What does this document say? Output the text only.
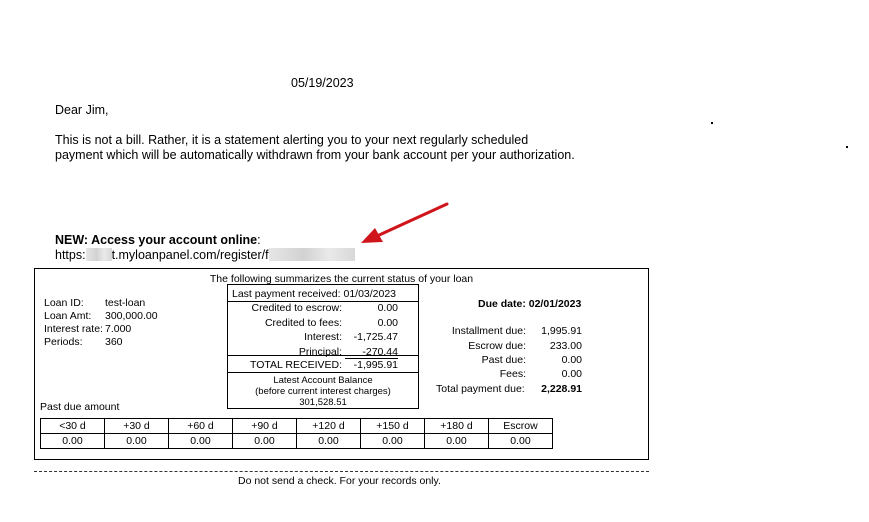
05/19/2023
Dear Jim,
This is not a bill. Rather, it is a statement alerting you to your next regularly scheduled
payment which will be automatically withdrawn from your bank account per your authorization.
NEW: Access your account online:
https: t.myloanpanel.com/register/f
The following summarizes the current status of your loan
Loan ID: test-loan
Loan Amt: 300,000.00
Interest rate: 7.000
Periods: 360
Last payment received: 01/03/2023
Credited to escrow:	0.00
Credited to fees:	0.00
Interest:	-1,725.47
Principal:	-270.44
TOTAL RECEIVED:	-1,995.91
Latest Account Balance
(before current interest charges)
301,528.51
Due date: 02/01/2023
Installment due:	1,995.91
Escrow due:	233.00
Past due:	0.00
Fees:	0.00
Total payment due:	2,228.91
Past due amount
<30 d	+30 d	+60 d	+90 d	+120 d	+150 d	+180 d	Escrow
0.00	0.00	0.00	0.00	0.00	0.00	0.00	0.00
Do not send a check. For your records only.
